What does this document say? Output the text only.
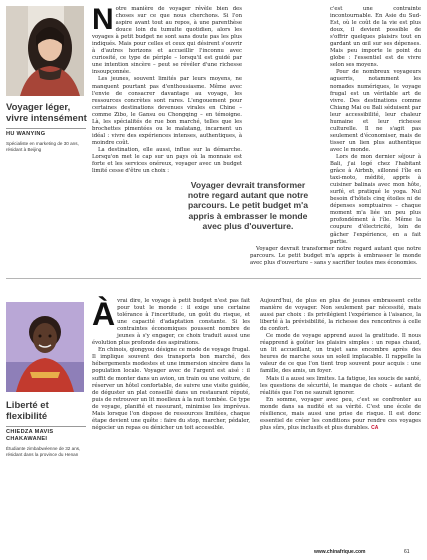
Voyager léger, vivre intensément
HU WANYING
Spécialiste en marketing de 30 ans, résidant à Beijing
N otre manière de voyager révèle bien des choses sur ce que nous cherchons. Si l'on aspire avant tout au repos, à une parenthèse douce loin du tumulte quotidien, alors les voyages à petit budget ne sont sans doute pas les plus indiqués. Mais pour celles et ceux qui désirent s'ouvrir à d'autres horizons et accueillir l'inconnu avec curiosité, ce type de périple – lorsqu'il est guidé par une intention sincère – peut se révéler d'une richesse insoupçonnée.

Les jeunes, souvent limités par leurs moyens, ne manquent pourtant pas d'enthousiasme. Même avec l'envie de consacrer davantage au voyage, les ressources concrètes sont rares. L'engouement pour certaines destinations devenues virales en Chine – comme Zibo, le Gansu ou Chongqing – en témoigne. Là, les spécialités de rue bon marché, telles que les brochettes pimentées ou le malatang, incarnent un idéal : vivre des expériences intenses, authentiques, à moindre coût.

La destination, elle aussi, influe sur la démarche. Lorsqu'on met le cap sur un pays où la monnaie est forte et les services onéreux, voyager avec un budget limité cesse d'être un choix :

c'est une contrainte incontournable. En Asie du Sud-Est, où le coût de la vie est plus doux, il devient possible de s'offrir quelques plaisirs tout en gardant un œil sur ses dépenses. Mais peu importe le point du globe : l'essentiel est de vivre selon ses moyens.

Pour de nombreux voyageurs aguerris, notamment les nomades numériques, le voyage frugal est un véritable art de vivre. Des destinations comme Chiang Mai ou Bali séduisent par leur accessibilité, leur chaleur humaine et leur richesse culturelle. Il ne s'agit pas seulement d'économiser, mais de tisser un lien plus authentique avec le monde.

Lors de mon dernier séjour à Bali, j'ai logé chez l'habitant grâce à Airbnb, sillonné l'île en taxi-moto, médité, appris à cuisiner balinais avec mon hôte, surfé, et pratiqué le yoga. Nul besoin d'hôtels cinq étoiles ni de dépenses somptuaires – chaque moment m'a liée un peu plus profondément à l'île. Même la coupure d'électricité, loin de gâcher l'expérience, en a fait partie.

Voyager devrait transformer notre regard autant que notre parcours. Le petit budget m'a appris à embrasser le monde avec plus d'ouverture – sans y sacrifier toutes mes économies.

Voyager devrait transformer notre regard autant que notre parcours. Le petit budget m'a appris à embrasser le monde avec plus d'ouverture.
Liberté et flexibilité
CHIEDZA MAVIS CHAKAWANEI
Étudiante zimbabwéenne de 32 ans, résidant dans la province du Henan
À vrai dire, le voyage à petit budget n'est pas fait pour tout le monde : il exige une certaine tolérance à l'incertitude, un goût du risque, et une capacité d'adaptation constante. Si les contraintes économiques poussent nombre de jeunes à s'y engager, ce choix traduit aussi une évolution plus profonde des aspirations.

En chinois, qiongyou désigne ce mode de voyage frugal. Il implique souvent des transports bon marché, des hébergements modestes et une immersion sincère dans la population locale. Voyager avec de l'argent est aisé : il suffit de monter dans un avion, un train ou une voiture, de réserver un hôtel confortable, de suivre une visite guidée, de déguster un plat conseillé dans un restaurant réputé, puis de retrouver un lit moelleux à la nuit tombée. Ce type de voyage, planifié et rassurant, minimise les imprévus. Mais lorsque l'on dispose de ressources limitées, chaque étape devient une quête : faire du stop, marcher, pédaler, négocier un repas ou dénicher un toit accessible.

Aujourd'hui, de plus en plus de jeunes embrassent cette manière de voyager. Non seulement par nécessité, mais aussi par choix : ils privilégient l'expérience à l'aisance, la liberté à la prévisibilité, la richesse des rencontres à celle du confort.

Ce mode de voyage apprend aussi la gratitude. Il nous réapprend à goûter les plaisirs simples : un repas chaud, un lit accueillant, un trajet sans encombre après des heures de marche sous un soleil implacable. Il rappelle la valeur de ce que l'on tient trop souvent pour acquis : une famille, des amis, un foyer.

Mais il a aussi ses limites. La fatigue, les soucis de santé, les questions de sécurité, le manque de choix – autant de réalités que l'on ne saurait ignorer.

En somme, voyager avec peu, c'est se confronter au monde dans sa nudité et sa vérité. C'est une école de résilience, mais aussi une prise de risque. Il est donc essentiel de créer les conditions pour rendre ces voyages plus sûrs, plus inclusifs et plus durables. CA

www.chinafrique.com	61
